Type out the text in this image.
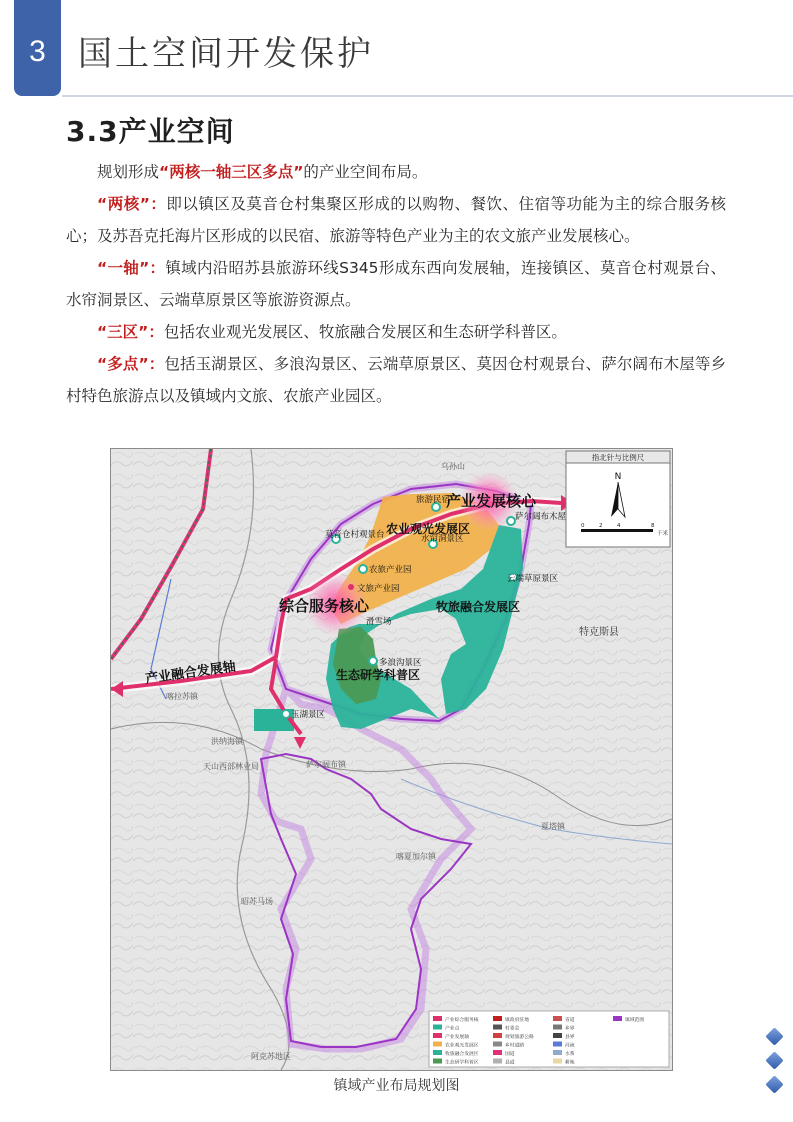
3 国土空间开发保护
3.3产业空间

规划形成“两核一轴三区多点”的产业空间布局。

“两核”：即以镇区及莫音仓村集聚区形成的以购物、餐饮、住宿等功能为主的综合服务核心；及苏吾克托海片区形成的以民宿、旅游等特色产业为主的农文旅产业发展核心。

“一轴”：镇域内沿昭苏县旅游环线S345形成东西向发展轴，连接镇区、莫音仓村观景台、水帘洞景区、云端草原景区等旅游资源点。

“三区”：包括农业观光发展区、牧旅融合发展区和生态研学科普区。

“多点”：包括玉湖景区、多浪沟景区、云端草原景区、莫因仓村观景台、萨尔阔布木屋等乡村特色旅游点以及镇域内文旅、农旅产业园区。

产业发展核心
综合服务核心
农业观光发展区
牧旅融合发展区
生态研学科普区
产业融合发展轴
莫音仓村观景台
农旅产业园
文旅产业园
水帘洞景区
云端草原景区
多浪沟景区
玉湖景区
萨尔阔布木屋
滑雪场
旅游民宿
特克斯县
阿克苏地区
昭苏马场
萨尔阔布镇
天山西部林业局
夏塔镇
喀拉苏镇
洪纳海镇
乌孙山
喀夏加尔镇
指北针与比例尺
N
0	2	4	8
千米
产业综合服务核
产业点
产业发展轴
农业观光发展区
牧旅融合发展区
生态研学科普区
镇政府驻地
村委会
规划旅游公路
乡村道路
国道
县道
省道
乡界
县界
河流
水系
耕地
镇域范围
镇域产业布局规划图
